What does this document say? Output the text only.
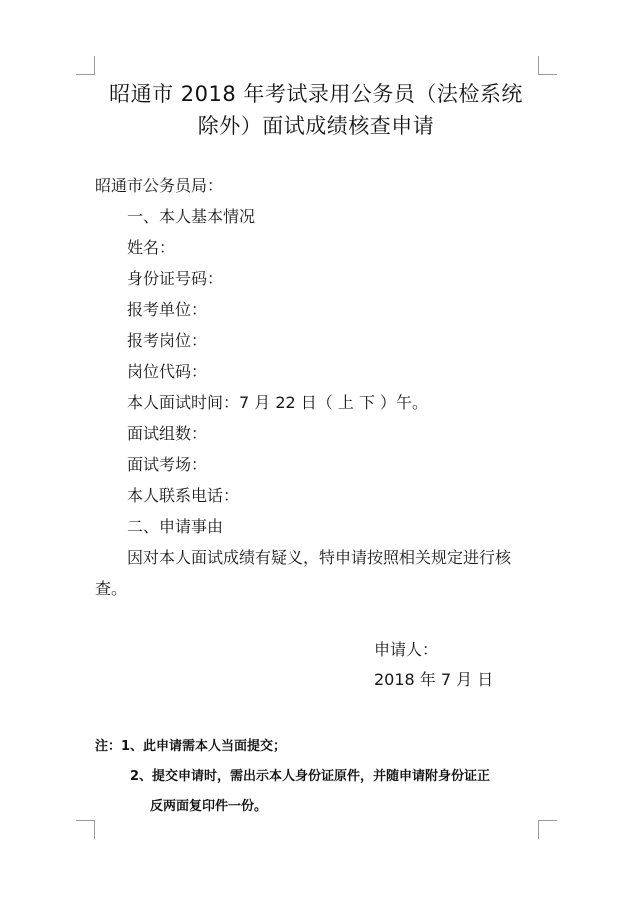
昭通市 2018 年考试录用公务员（法检系统
除外）面试成绩核查申请
昭通市公务员局：
一、本人基本情况
姓名：
身份证号码：
报考单位：
报考岗位：
岗位代码：
本人面试时间：7 月 22 日（ 上 下 ）午。
面试组数：
面试考场：
本人联系电话：
二、申请事由
因对本人面试成绩有疑义，特申请按照相关规定进行核
查。
申请人：
2018 年 7 月 日
注：1、此申请需本人当面提交；
2、提交申请时，需出示本人身份证原件，并随申请附身份证正
反两面复印件一份。
